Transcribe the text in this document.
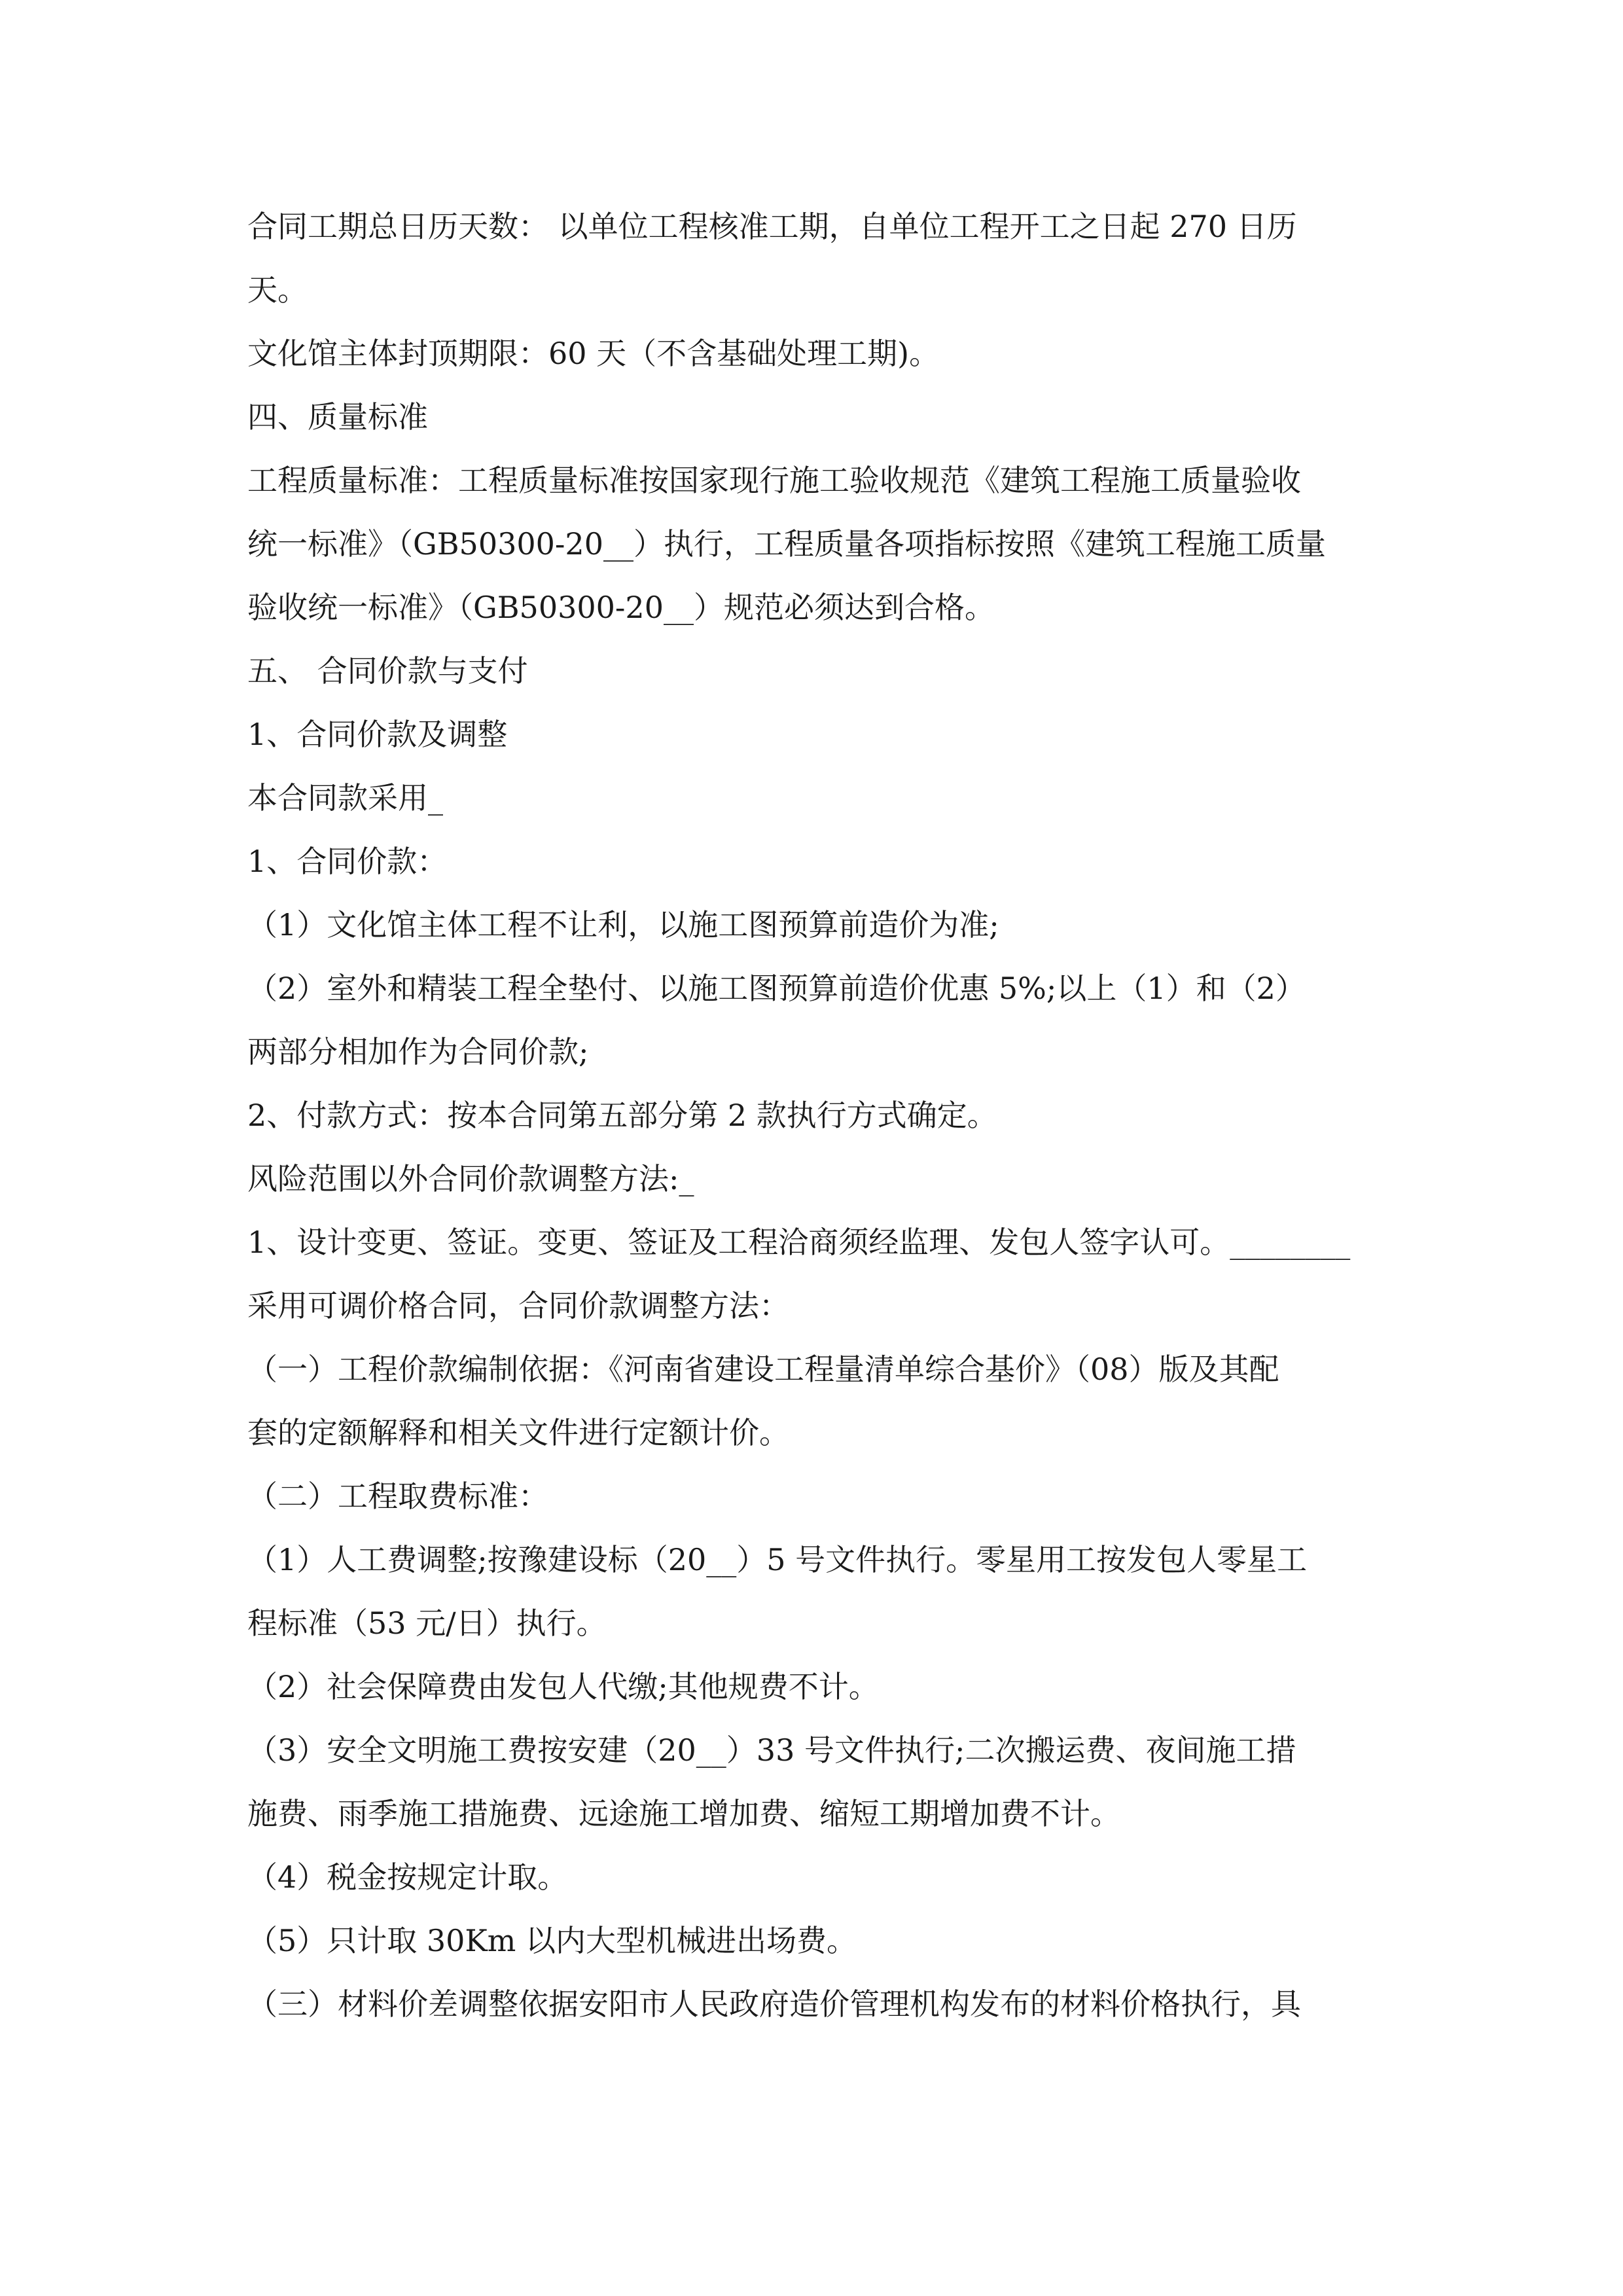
合同工期总日历天数： 以单位工程核准工期，自单位工程开工之日起 270 日历
天。
文化馆主体封顶期限：60 天（不含基础处理工期)。
四、质量标准
工程质量标准：工程质量标准按国家现行施工验收规范《建筑工程施工质量验收
统一标准》（GB50300-20__）执行，工程质量各项指标按照《建筑工程施工质量
验收统一标准》（GB50300-20__）规范必须达到合格。
五、 合同价款与支付
1、合同价款及调整
本合同款采用_
1、合同价款：
（1）文化馆主体工程不让利，以施工图预算前造价为准;
（2）室外和精装工程全垫付、以施工图预算前造价优惠 5%;以上（1）和（2）
两部分相加作为合同价款;
2、付款方式：按本合同第五部分第 2 款执行方式确定。
风险范围以外合同价款调整方法:_
1、设计变更、签证。变更、签证及工程洽商须经监理、发包人签字认可。________
采用可调价格合同，合同价款调整方法：
（一）工程价款编制依据：《河南省建设工程量清单综合基价》（08）版及其配
套的定额解释和相关文件进行定额计价。
（二）工程取费标准：
（1）人工费调整;按豫建设标（20__）5 号文件执行。零星用工按发包人零星工
程标准（53 元/日）执行。
（2）社会保障费由发包人代缴;其他规费不计。
（3）安全文明施工费按安建（20__）33 号文件执行;二次搬运费、夜间施工措
施费、雨季施工措施费、远途施工增加费、缩短工期增加费不计。
（4）税金按规定计取。
（5）只计取 30Km 以内大型机械进出场费。
（三）材料价差调整依据安阳市人民政府造价管理机构发布的材料价格执行，具
